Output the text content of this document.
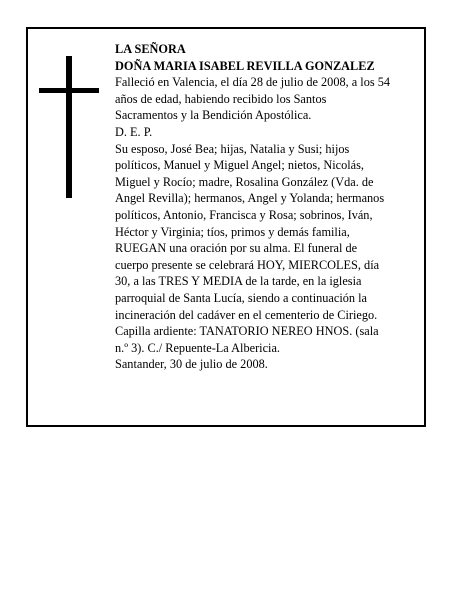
LA SEÑORA
DOÑA MARIA ISABEL REVILLA GONZALEZ
Falleció en Valencia, el día 28 de julio de 2008, a los 54
años de edad, habiendo recibido los Santos
Sacramentos y la Bendición Apostólica.
D. E. P.
Su esposo, José Bea; hijas, Natalia y Susi; hijos
políticos, Manuel y Miguel Angel; nietos, Nicolás,
Miguel y Rocío; madre, Rosalina González (Vda. de
Angel Revilla); hermanos, Angel y Yolanda; hermanos
políticos, Antonio, Francisca y Rosa; sobrinos, Iván,
Héctor y Virginia; tíos, primos y demás familia,
RUEGAN una oración por su alma. El funeral de
cuerpo presente se celebrará HOY, MIERCOLES, día
30, a las TRES Y MEDIA de la tarde, en la iglesia
parroquial de Santa Lucía, siendo a continuación la
incineración del cadáver en el cementerio de Ciriego.
Capilla ardiente: TANATORIO NEREO HNOS. (sala
n.º 3). C./ Repuente-La Albericia.
Santander, 30 de julio de 2008.
